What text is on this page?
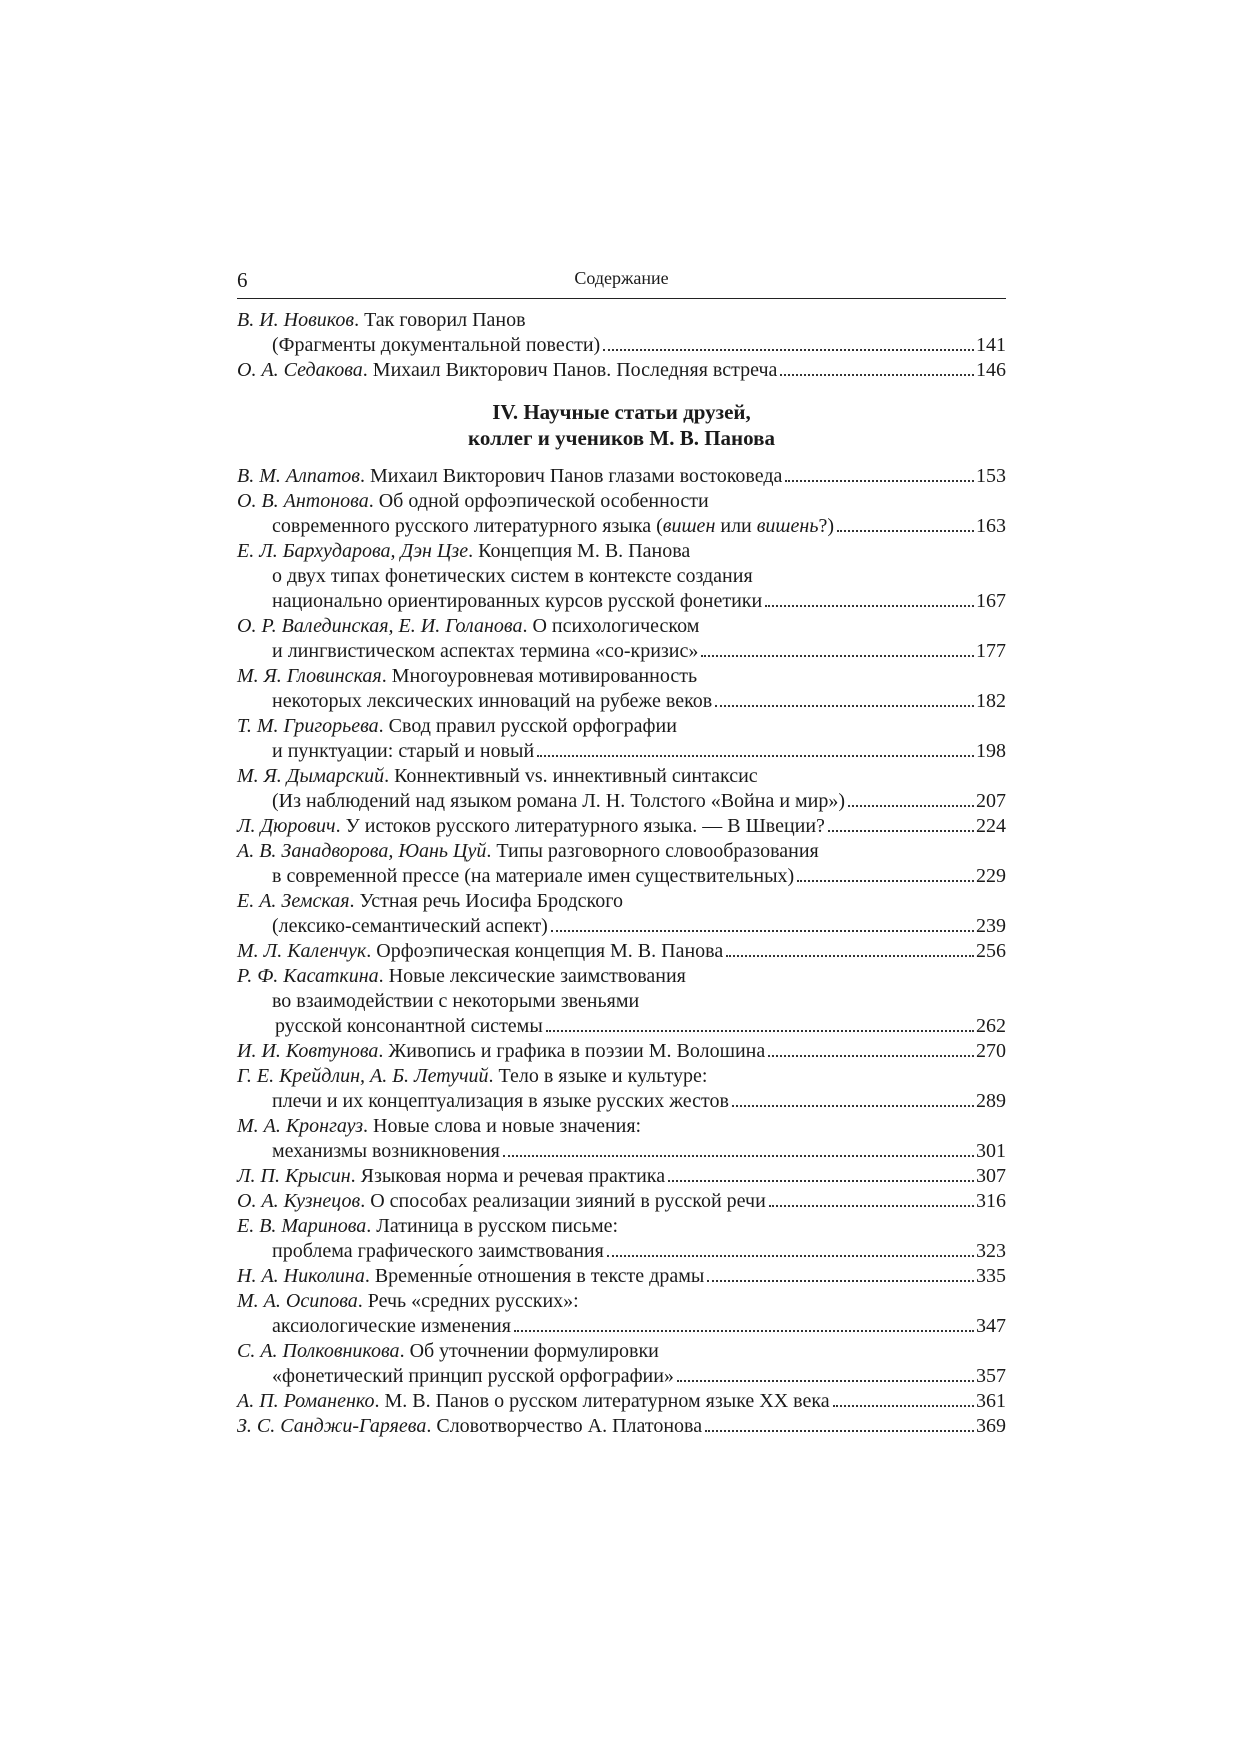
6	Содержание
В. И. Новиков . Так говорил Панов
(Фрагменты документальной повести)	141
О. А. Седакова . Михаил Викторович Панов. Последняя встреча	146
IV. Научные статьи друзей,
коллег и учеников М. В. Панова
В. М. Алпатов . Михаил Викторович Панов глазами востоковеда	153
О. В. Антонова . Об одной орфоэпической особенности
современного русского литературного языка ( вишен или вишень ?)	163
Е. Л. Бархударова, Дэн Цзе . Концепция М. В. Панова
о двух типах фонетических систем в контексте создания
национально ориентированных курсов русской фонетики	167
О. Р. Валединская, Е. И. Голанова . О психологическом
и лингвистическом аспектах термина «со-кризис»	177
М. Я. Гловинская . Многоуровневая мотивированность
некоторых лексических инноваций на рубеже веков	182
Т. М. Григорьева . Свод правил русской орфографии
и пунктуации: старый и новый	198
М. Я. Дымарский . Коннективный vs. иннективный синтаксис
(Из наблюдений над языком романа Л. Н. Толстого «Война и мир»)	207
Л. Дюрович . У истоков русского литературного языка. — В Швеции?	224
А. В. Занадворова, Юань Цуй . Типы разговорного словообразования
в современной прессе (на материале имен существительных)	229
Е. А. Земская . Устная речь Иосифа Бродского
(лексико-семантический аспект)	239
М. Л. Каленчук . Орфоэпическая концепция М. В. Панова	256
Р. Ф. Касаткина . Новые лексические заимствования
во взаимодействии с некоторыми звеньями
русской консонантной системы	262
И. И. Ковтунова . Живопись и графика в поэзии М. Волошина	270
Г. Е. Крейдлин, А. Б. Летучий . Тело в языке и культуре:
плечи и их концептуализация в языке русских жестов	289
М. А. Кронгауз . Новые слова и новые значения:
механизмы возникновения	301
Л. П. Крысин . Языковая норма и речевая практика	307
О. А. Кузнецов . О способах реализации зияний в русской речи	316
Е. В. Маринова . Латиница в русском письме:
проблема графического заимствования	323
Н. А. Николина . Временны́е отношения в тексте драмы	335
М. А. Осипова . Речь «средних русских»:
аксиологические изменения	347
С. А. Полковникова . Об уточнении формулировки
«фонетический принцип русской орфографии»	357
А. П. Романенко . М. В. Панов о русском литературном языке XX века	361
З. С. Санджи-Гаряева . Словотворчество А. Платонова	369
